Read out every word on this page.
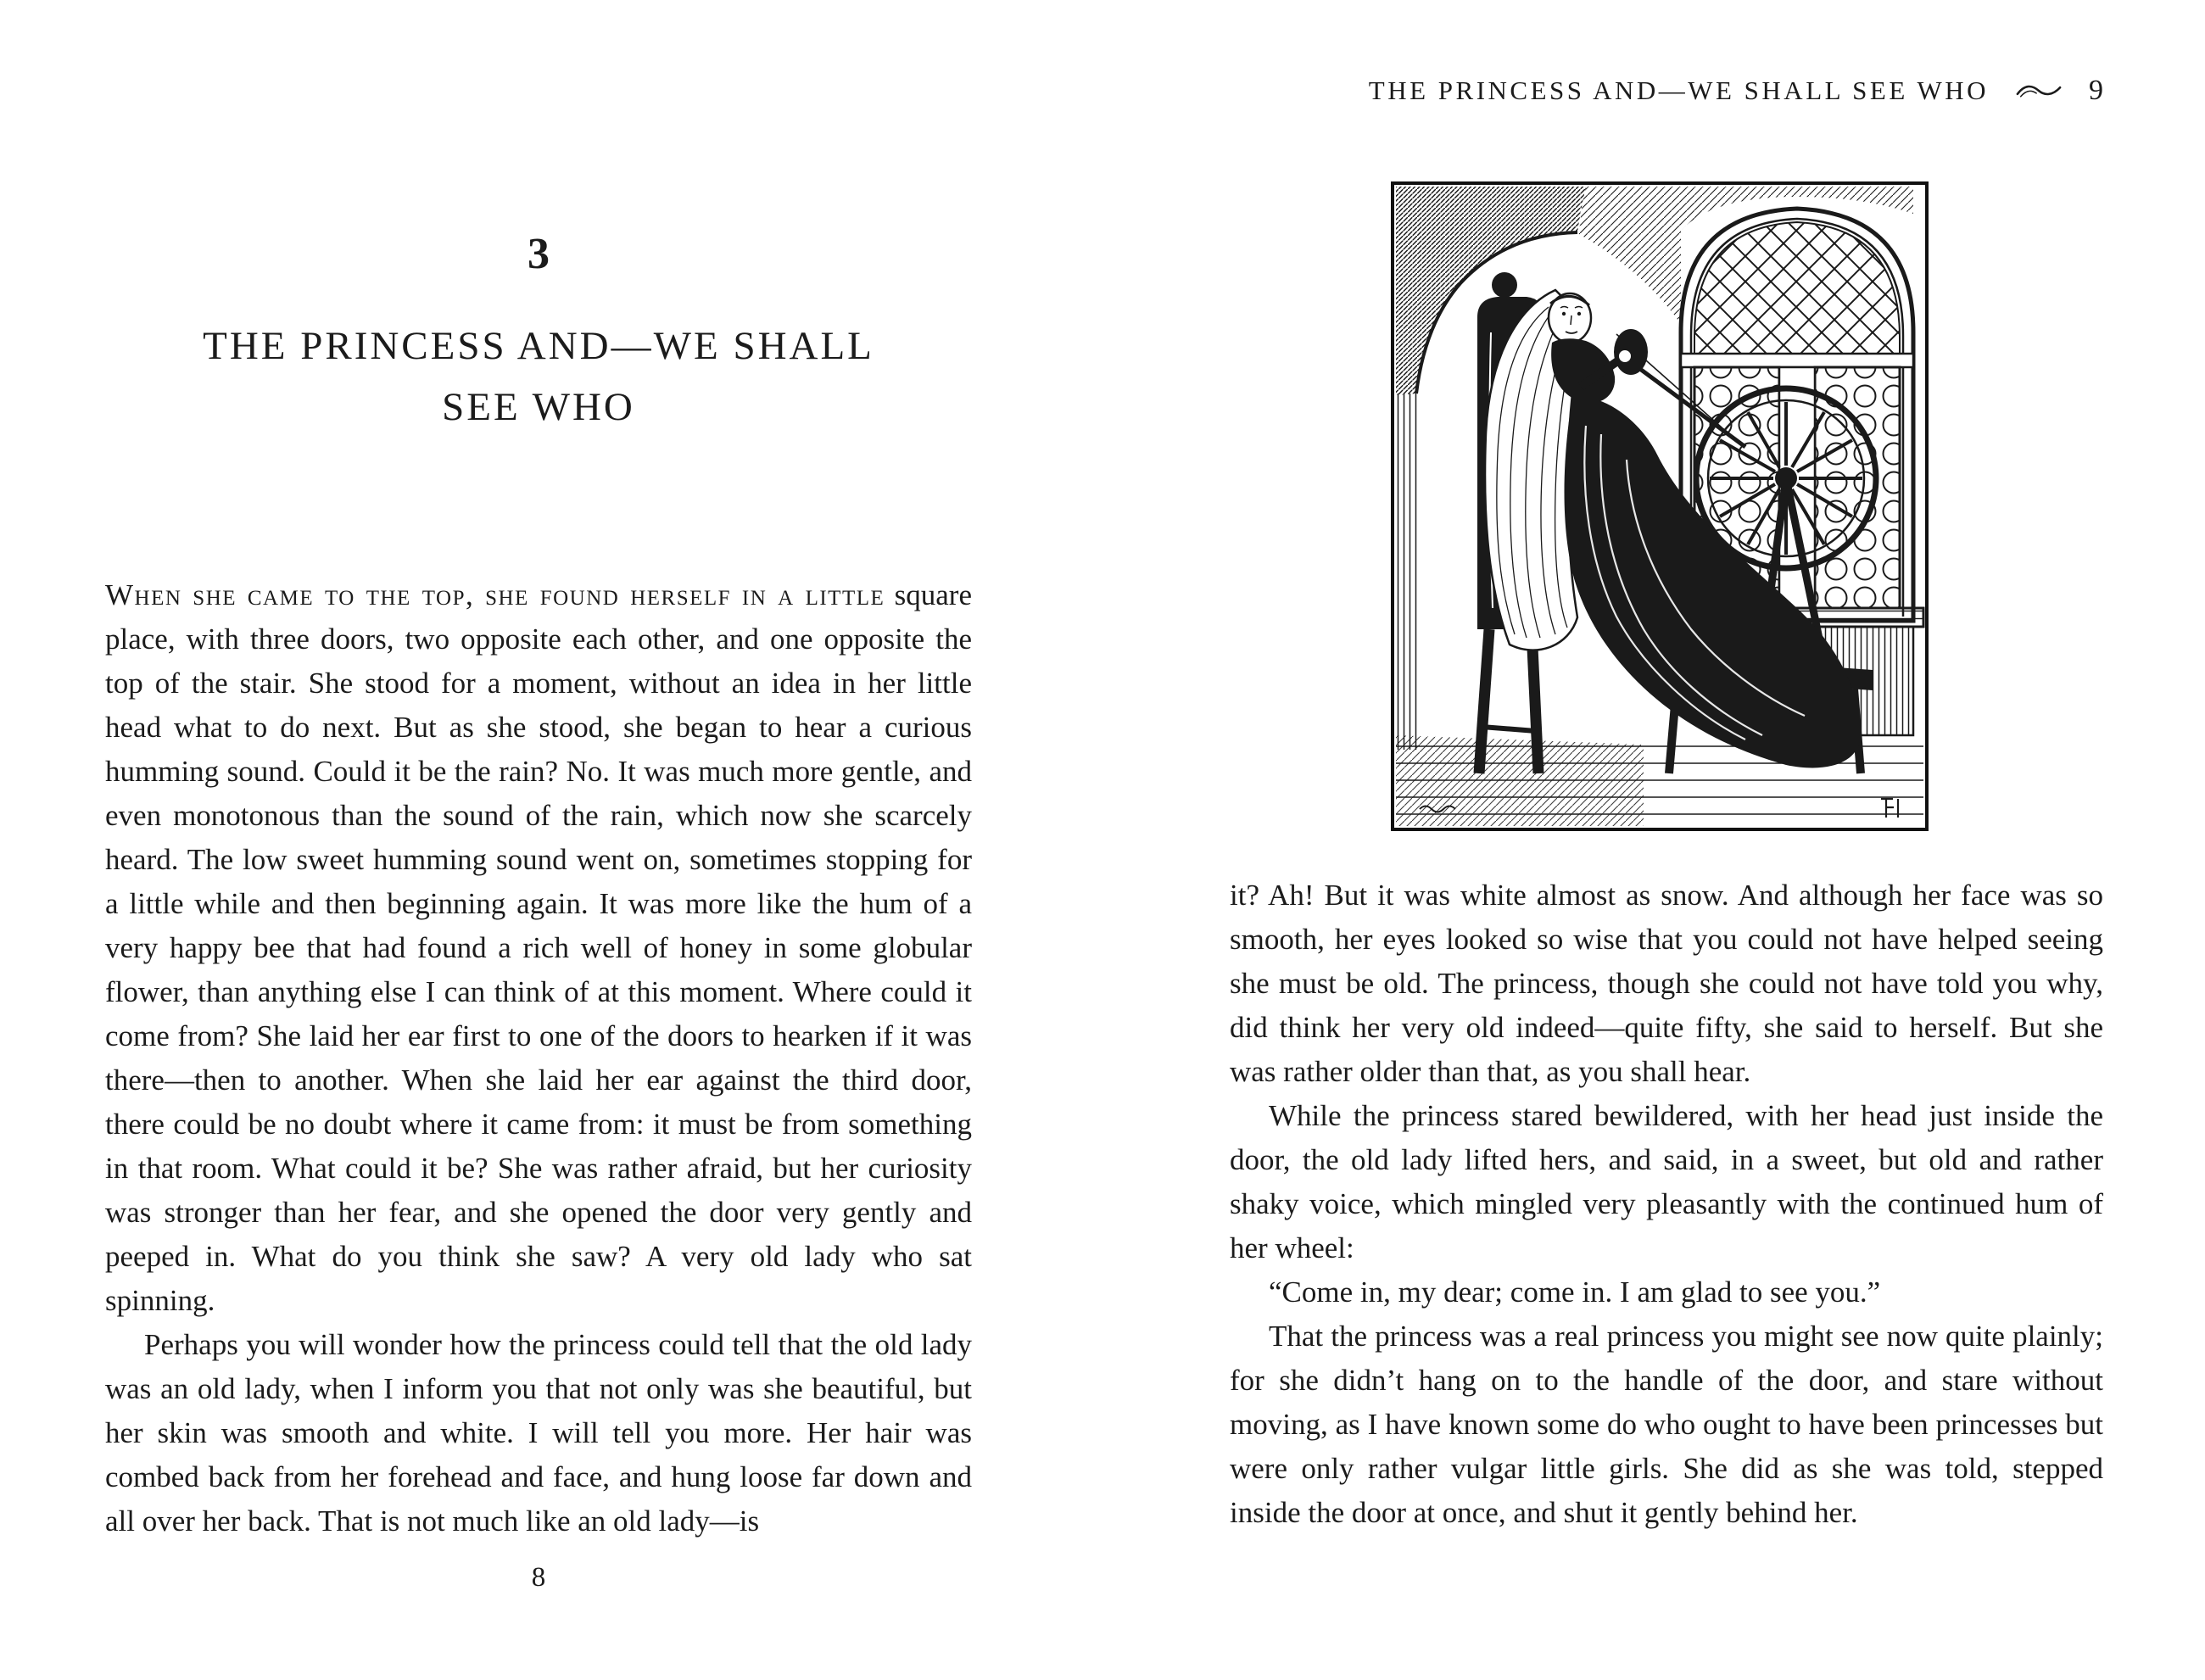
3
THE PRINCESS AND—WE SHALL
SEE WHO

When she came to the top, she found herself in a little square place, with three doors, two opposite each other, and one opposite the top of the stair. She stood for a moment, without an idea in her little head what to do next. But as she stood, she began to hear a curious humming sound. Could it be the rain? No. It was much more gentle, and even monotonous than the sound of the rain, which now she scarcely heard. The low sweet humming sound went on, sometimes stopping for a little while and then beginning again. It was more like the hum of a very happy bee that had found a rich well of honey in some globular flower, than anything else I can think of at this moment. Where could it come from? She laid her ear first to one of the doors to hearken if it was there—then to another. When she laid her ear against the third door, there could be no doubt where it came from: it must be from something in that room. What could it be? She was rather afraid, but her curiosity was stronger than her fear, and she opened the door very gently and peeped in. What do you think she saw? A very old lady who sat spinning.

Perhaps you will wonder how the princess could tell that the old lady was an old lady, when I inform you that not only was she beautiful, but her skin was smooth and white. I will tell you more. Her hair was combed back from her forehead and face, and hung loose far down and all over her back. That is not much like an old lady—is

8
THE PRINCESS AND—WE SHALL SEE WHO	9

it? Ah! But it was white almost as snow. And although her face was so smooth, her eyes looked so wise that you could not have helped seeing she must be old. The princess, though she could not have told you why, did think her very old indeed—quite fifty, she said to herself. But she was rather older than that, as you shall hear.

While the princess stared bewildered, with her head just inside the door, the old lady lifted hers, and said, in a sweet, but old and rather shaky voice, which mingled very pleasantly with the continued hum of her wheel:

“Come in, my dear; come in. I am glad to see you.”

That the princess was a real princess you might see now quite plainly; for she didn’t hang on to the handle of the door, and stare without moving, as I have known some do who ought to have been princesses but were only rather vulgar little girls. She did as she was told, stepped inside the door at once, and shut it gently behind her.
